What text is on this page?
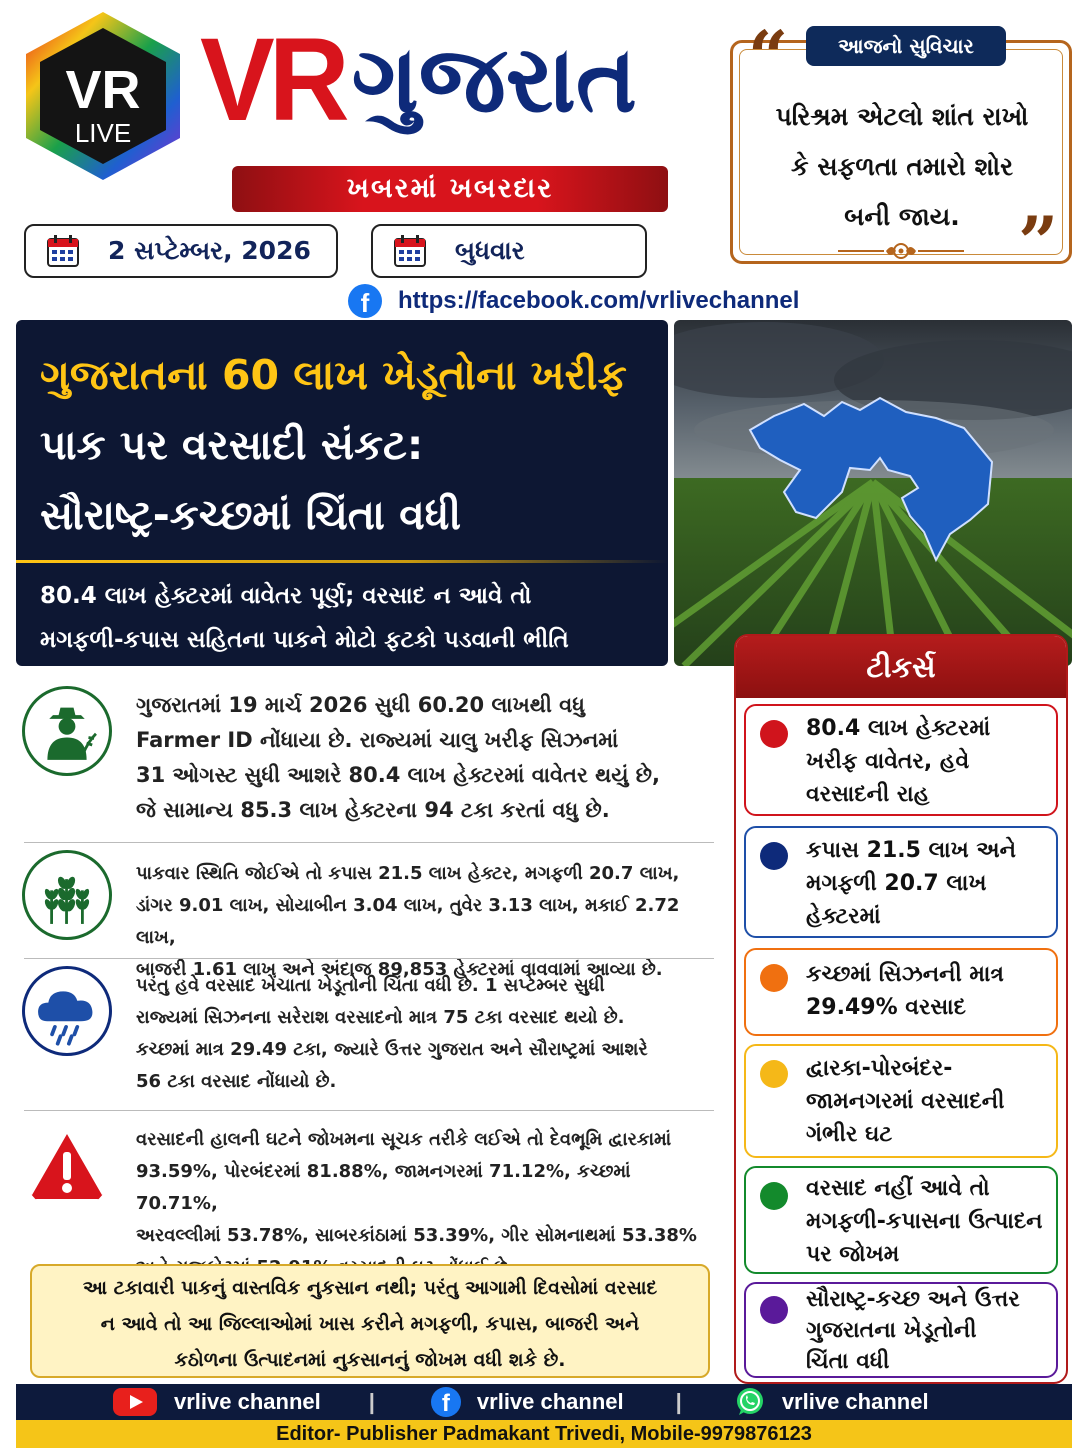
VR
LIVE VRગુજરાત
ખબરમાં ખબરદાર
2 સપ્ટેમ્બર, 2026	બુધવાર
f	https://facebook.com/vrlivechannel
“
”
આજનો સુવિચાર
પરિશ્રમ એટલો શાંત રાખો
કે સફળતા તમારો શોર
બની જાય.
ગુજરાતના 60 લાખ ખેડૂતોના ખરીફ
પાક પર વરસાદી સંકટ:
સૌરાષ્ટ્ર-કચ્છમાં ચિંતા વધી
80.4 લાખ હેક્ટરમાં વાવેતર પૂર્ણ; વરસાદ ન આવે તો
મગફળી-કપાસ સહિતના પાકને મોટો ફટકો પડવાની ભીતિ
ગુજરાતમાં 19 માર્ચ 2026 સુધી 60.20 લાખથી વધુ
Farmer ID નોંધાયા છે. રાજ્યમાં ચાલુ ખરીફ સિઝનમાં
31 ઓગસ્ટ સુધી આશરે 80.4 લાખ હેક્ટરમાં વાવેતર થયું છે,
જે સામાન્ય 85.3 લાખ હેક્ટરના 94 ટકા કરતાં વધુ છે.
પાકવાર સ્થિતિ જોઈએ તો કપાસ 21.5 લાખ હેક્ટર, મગફળી 20.7 લાખ,
ડાંગર 9.01 લાખ, સોયાબીન 3.04 લાખ, તુવેર 3.13 લાખ, મકાઈ 2.72 લાખ,
બાજરી 1.61 લાખ અને અંદાજ 89,853 હેક્ટરમાં વાવવામાં આવ્યા છે.
પરંતુ હવે વરસાદ ખેંચાતા ખેડૂતોની ચિંતા વધી છે. 1 સપ્ટેમ્બર સુધી
રાજ્યમાં સિઝનના સરેરાશ વરસાદનો માત્ર 75 ટકા વરસાદ થયો છે.
કચ્છમાં માત્ર 29.49 ટકા, જ્યારે ઉત્તર ગુજરાત અને સૌરાષ્ટ્રમાં આશરે
56 ટકા વરસાદ નોંધાયો છે.
વરસાદની હાલની ઘટને જોખમના સૂચક તરીકે લઈએ તો દેવભૂમિ દ્વારકામાં
93.59%, પોરબંદરમાં 81.88%, જામનગરમાં 71.12%, કચ્છમાં 70.71%,
અરવલ્લીમાં 53.78%, સાબરકાંઠામાં 53.39%, ગીર સોમનાથમાં 53.38%
આ ટકાવારી પાકનું વાસ્તવિક નુકસાન નથી; પરંતુ આગામી દિવસોમાં વરસાદ
ન આવે તો આ જિલ્લાઓમાં ખાસ કરીને મગફળી, કપાસ, બાજરી અને
કઠોળના ઉત્પાદનમાં નુકસાનનું જોખમ વધી શકે છે.
ટીકર્સ
80.4 લાખ હેક્ટરમાં
ખરીફ વાવેતર, હવે
વરસાદની રાહ
કપાસ 21.5 લાખ અને
મગફળી 20.7 લાખ
હેક્ટરમાં
કચ્છમાં સિઝનની માત્ર
29.49% વરસાદ
દ્વારકા-પોરબંદર-
જામનગરમાં વરસાદની
ગંભીર ઘટ
વરસાદ નહીં આવે તો
મગફળી-કપાસના ઉત્પાદન
પર જોખમ
સૌરાષ્ટ્ર-કચ્છ અને ઉત્તર
ગુજરાતના ખેડૂતોની
ચિંતા વધી
vrlive channel |	f	vrlive channel |	vrlive channel
Editor- Publisher Padmakant Trivedi, Mobile-9979876123
